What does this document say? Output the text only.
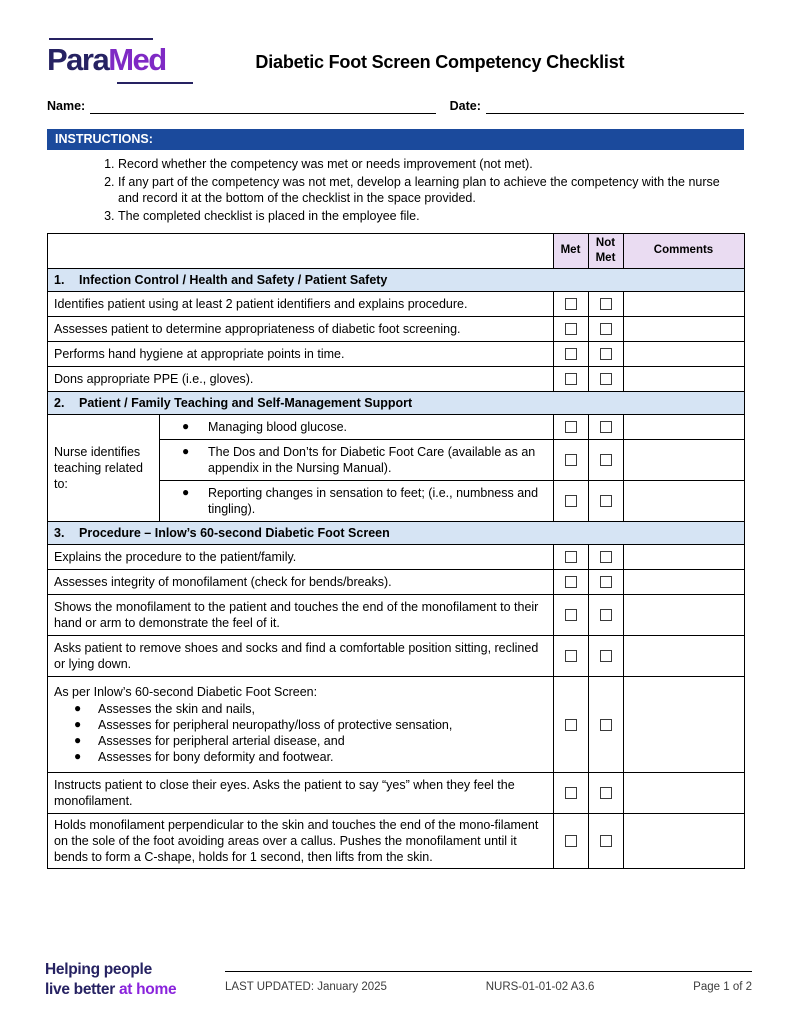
ParaMed	Diabetic Foot Screen Competency Checklist
Name:	Date:
INSTRUCTIONS:
1. Record whether the competency was met or needs improvement (not met).
2. If any part of the competency was not met, develop a learning plan to achieve the competency with the nurse and record it at the bottom of the checklist in the space provided.
3. The completed checklist is placed in the employee file.
		Met	Not Met	Comments
1. Infection Control / Health and Safety / Patient Safety				
Identifies patient using at least 2 patient identifiers and explains procedure.				
Assesses patient to determine appropriateness of diabetic foot screening.				
Performs hand hygiene at appropriate points in time.				
Dons appropriate PPE (i.e., gloves).				
2. Patient / Family Teaching and Self-Management Support				
Nurse identifies teaching related to:	● Managing blood glucose.			

	● The Dos and Don’ts for Diabetic Foot Care (available as an appendix in the Nursing Manual).			

	● Reporting changes in sensation to feet; (i.e., numbness and tingling).			

3. Procedure – Inlow’s 60-second Diabetic Foot Screen				
Explains the procedure to the patient/family.				
Assesses integrity of monofilament (check for bends/breaks).				
Shows the monofilament to the patient and touches the end of the monofilament to their hand or arm to demonstrate the feel of it.				
Asks patient to remove shoes and socks and find a comfortable position sitting, reclined or lying down.				

As per Inlow’s 60-second Diabetic Foot Screen:
●	Assesses the skin and nails,
●	Assesses for peripheral neuropathy/loss of protective sensation,
●	Assesses for peripheral arterial disease, and
●	Assesses for bony deformity and footwear.

Instructs patient to close their eyes. Asks the patient to say “yes” when they feel the monofilament.				
Holds monofilament perpendicular to the skin and touches the end of the mono-filament on the sole of the foot avoiding areas over a callus. Pushes the monofilament until it bends to form a C-shape, holds for 1 second, then lifts from the skin.				
Helping people
live better at home	LAST UPDATED: January 2025	NURS-01-01-02 A3.6	Page 1 of 2
